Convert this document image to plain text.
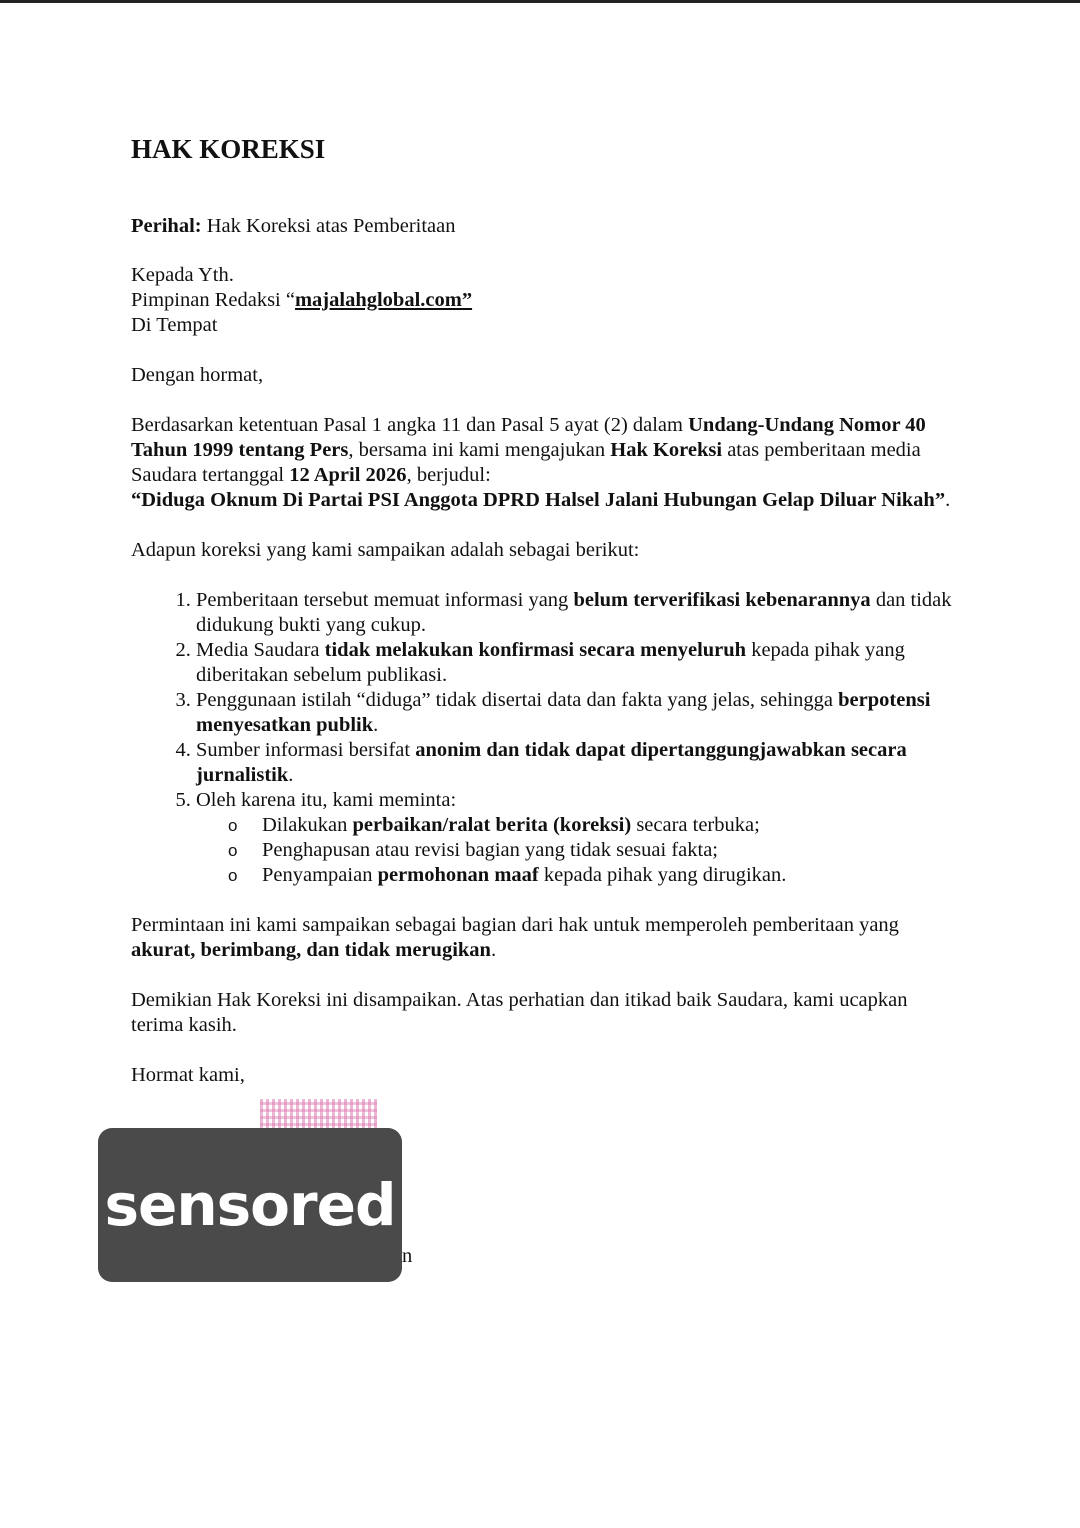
HAK KOREKSI

Perihal: Hak Koreksi atas Pemberitaan

Kepada Yth.
Pimpinan Redaksi “majalahglobal.com”
Di Tempat

Dengan hormat,

Berdasarkan ketentuan Pasal 1 angka 11 dan Pasal 5 ayat (2) dalam Undang-Undang Nomor 40 Tahun 1999 tentang Pers, bersama ini kami mengajukan Hak Koreksi atas pemberitaan media Saudara tertanggal 12 April 2026, berjudul:
“Diduga Oknum Di Partai PSI Anggota DPRD Halsel Jalani Hubungan Gelap Diluar Nikah”.

Adapun koreksi yang kami sampaikan adalah sebagai berikut:

1. Pemberitaan tersebut memuat informasi yang belum terverifikasi kebenarannya dan tidak didukung bukti yang cukup.
2. Media Saudara tidak melakukan konfirmasi secara menyeluruh kepada pihak yang diberitakan sebelum publikasi.
3. Penggunaan istilah “diduga” tidak disertai data dan fakta yang jelas, sehingga berpotensi menyesatkan publik.
4. Sumber informasi bersifat anonim dan tidak dapat dipertanggungjawabkan secara jurnalistik.
5. Oleh karena itu, kami meminta:
o Dilakukan perbaikan/ralat berita (koreksi) secara terbuka;
o Penghapusan atau revisi bagian yang tidak sesuai fakta;
o Penyampaian permohonan maaf kepada pihak yang dirugikan.

Permintaan ini kami sampaikan sebagai bagian dari hak untuk memperoleh pemberitaan yang akurat, berimbang, dan tidak merugikan.

Demikian Hak Koreksi ini disampaikan. Atas perhatian dan itikad baik Saudara, kami ucapkan terima kasih.

Hormat kami,

sensored
n
